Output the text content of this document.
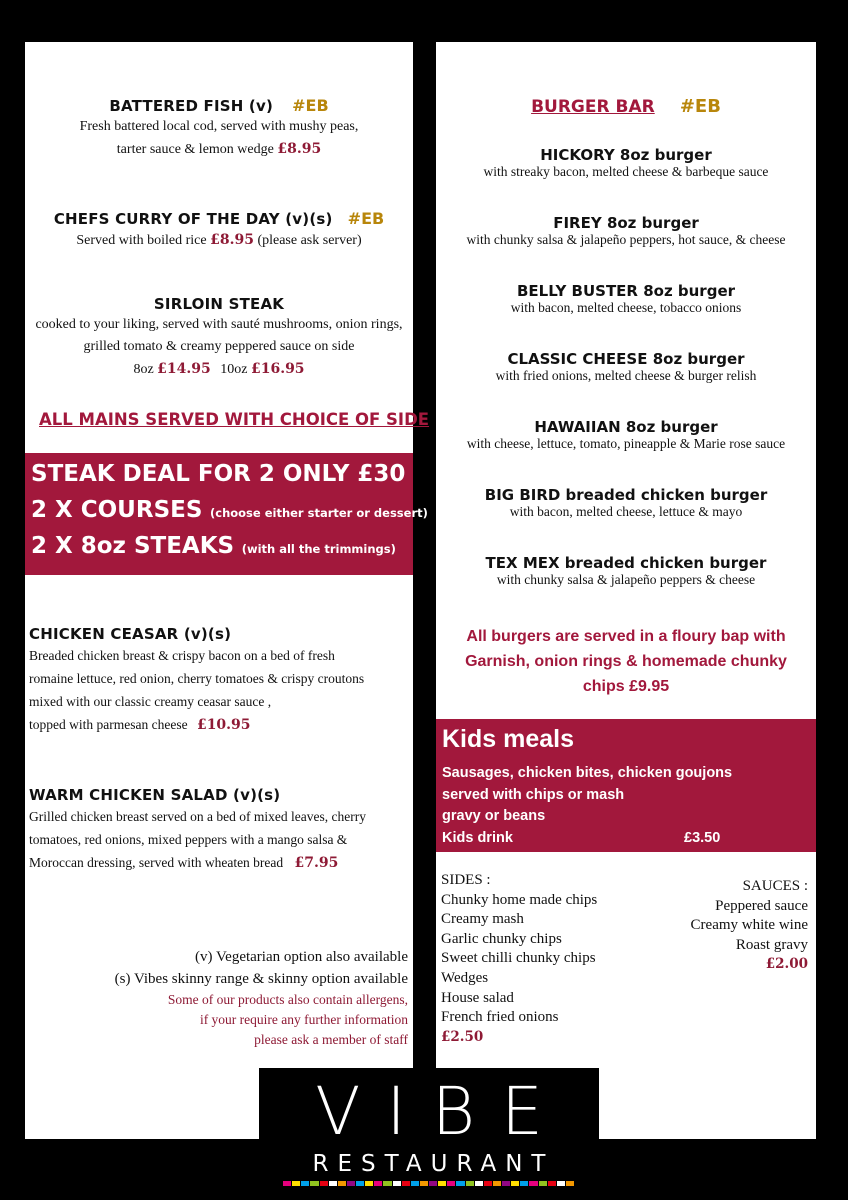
BATTERED FISH (v) #EB
Fresh battered local cod, served with mushy peas,
tarter sauce & lemon wedge £8.95
CHEFS CURRY OF THE DAY (v)(s) #EB
Served with boiled rice £8.95 (please ask server)
SIRLOIN STEAK
cooked to your liking, served with sauté mushrooms, onion rings,
grilled tomato & creamy peppered sauce on side
8oz £14.95 10oz £16.95
ALL MAINS SERVED WITH CHOICE OF SIDE
STEAK DEAL FOR 2 ONLY £30
2 X COURSES (choose either starter or dessert)
2 X 8oz STEAKS (with all the trimmings)
CHICKEN CEASAR (v)(s)
Breaded chicken breast & crispy bacon on a bed of fresh
romaine lettuce, red onion, cherry tomatoes & crispy croutons
mixed with our classic creamy ceasar sauce ,
topped with parmesan cheese £10.95
WARM CHICKEN SALAD (v)(s)
Grilled chicken breast served on a bed of mixed leaves, cherry
tomatoes, red onions, mixed peppers with a mango salsa &
Moroccan dressing, served with wheaten bread £7.95
(v) Vegetarian option also available
(s) Vibes skinny range & skinny option available
Some of our products also contain allergens,
if your require any further information
please ask a member of staff
BURGER BAR #EB
HICKORY 8oz burger
with streaky bacon, melted cheese & barbeque sauce
FIREY 8oz burger
with chunky salsa & jalapeño peppers, hot sauce, & cheese
BELLY BUSTER 8oz burger
with bacon, melted cheese, tobacco onions
CLASSIC CHEESE 8oz burger
with fried onions, melted cheese & burger relish
HAWAIIAN 8oz burger
with cheese, lettuce, tomato, pineapple & Marie rose sauce
BIG BIRD breaded chicken burger
with bacon, melted cheese, lettuce & mayo
TEX MEX breaded chicken burger
with chunky salsa & jalapeño peppers & cheese
All burgers are served in a floury bap with
Garnish, onion rings & homemade chunky
chips £9.95
Kids meals
Sausages, chicken bites, chicken goujons
served with chips or mash
gravy or beans
Kids drink	£3.50
SIDES :
Chunky home made chips
Creamy mash
Garlic chunky chips
Sweet chilli chunky chips
Wedges
House salad
French fried onions
£2.50
SAUCES :
Peppered sauce
Creamy white wine
Roast gravy
£2.00
VIBE
RESTAURANT
